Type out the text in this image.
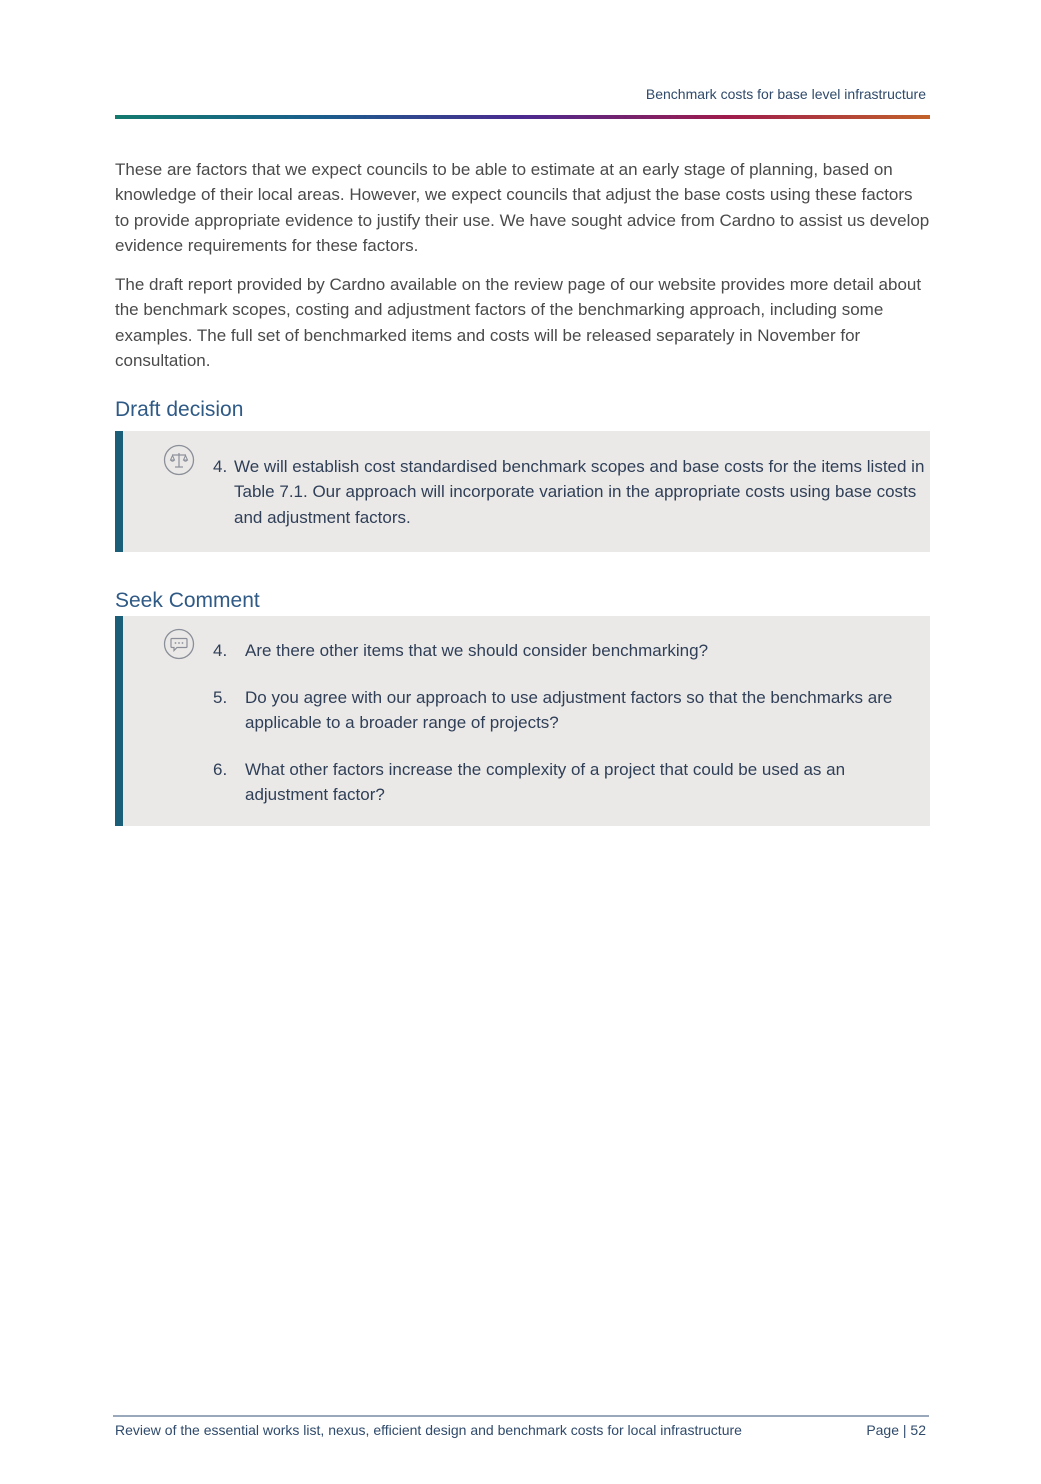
Benchmark costs for base level infrastructure

These are factors that we expect councils to be able to estimate at an early stage of planning, based on knowledge of their local areas. However, we expect councils that adjust the base costs using these factors to provide appropriate evidence to justify their use. We have sought advice from Cardno to assist us develop evidence requirements for these factors.

The draft report provided by Cardno available on the review page of our website provides more detail about the benchmark scopes, costing and adjustment factors of the benchmarking approach, including some examples. The full set of benchmarked items and costs will be released separately in November for consultation.

Draft decision
4. We will establish cost standardised benchmark scopes and base costs for the items listed in Table 7.1. Our approach will incorporate variation in the appropriate costs using base costs and adjustment factors.
Seek Comment
4. Are there other items that we should consider benchmarking?
5. Do you agree with our approach to use adjustment factors so that the benchmarks are applicable to a broader range of projects?
6. What other factors increase the complexity of a project that could be used as an adjustment factor?
Review of the essential works list, nexus, efficient design and benchmark costs for local infrastructure	Page | 52
